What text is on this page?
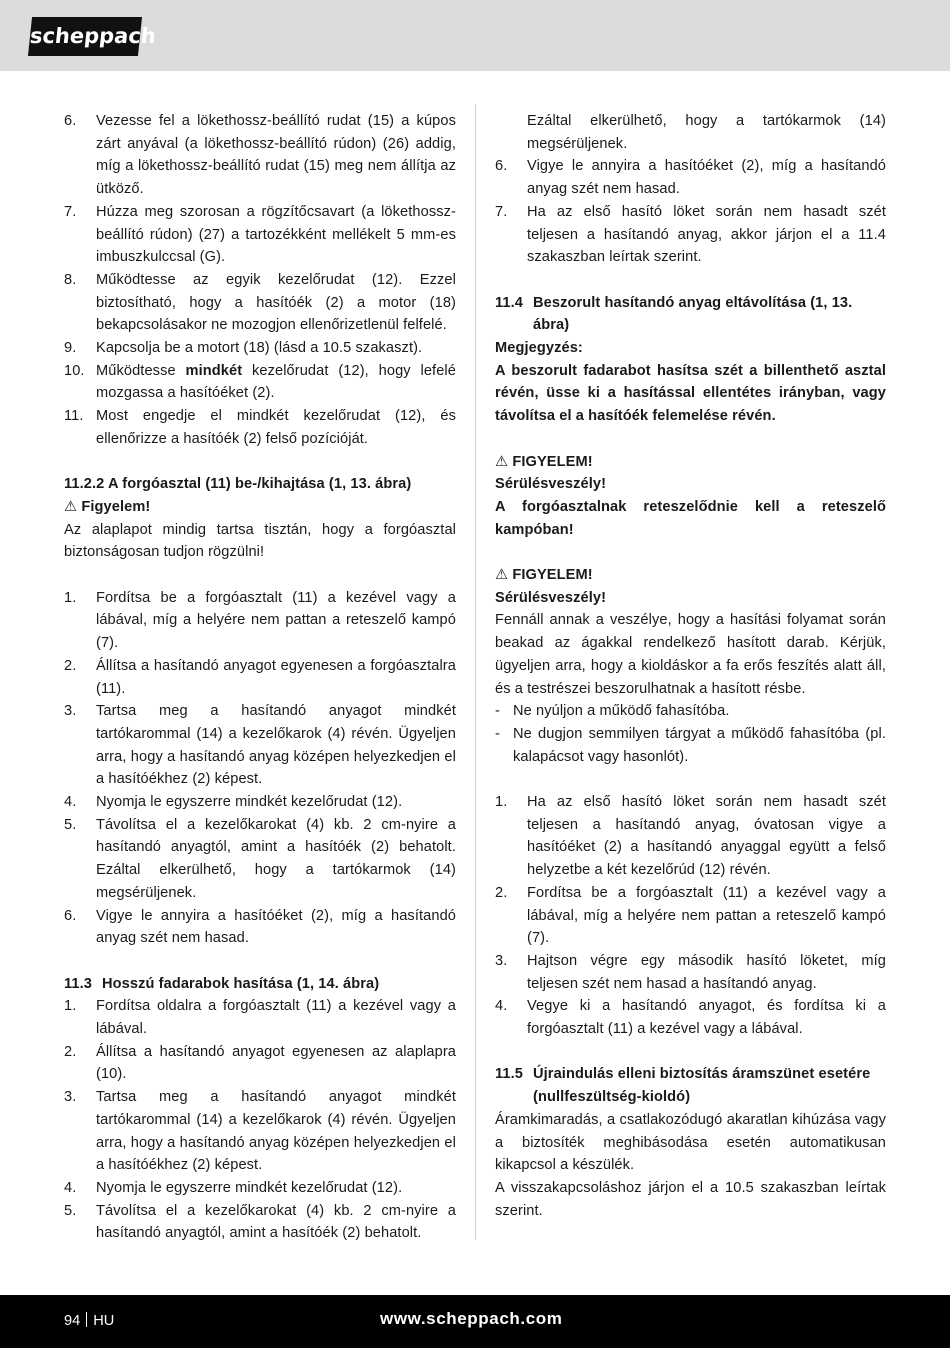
scheppach
6.	Vezesse fel a lökethossz-beállító rudat (15) a kúpos zárt anyával (a lökethossz-beállító rúdon) (26) addig, míg a lökethossz-beállító rudat (15) meg nem állítja az ütköző.
7.	Húzza meg szorosan a rögzítőcsavart (a lökethossz-beállító rúdon) (27) a tartozékként mellékelt 5 mm-es imbuszkulccsal (G).
8.	Működtesse az egyik kezelőrudat (12). Ezzel biztosítható, hogy a hasítóék (2) a motor (18) bekapcsolásakor ne mozogjon ellenőrizetlenül felfelé.
9.	Kapcsolja be a motort (18) (lásd a 10.5 szakaszt).
10. Működtesse mindkét kezelőrudat (12), hogy lefelé mozgassa a hasítóéket (2).
11. Most engedje el mindkét kezelőrudat (12), és ellenőrizze a hasítóék (2) felső pozícióját.
11.2.2 A forgóasztal (11) be-/kihajtása (1, 13. ábra)
⚠ Figyelem!

Az alaplapot mindig tartsa tisztán, hogy a forgóasztal biztonságosan tudjon rögzülni!

1.	Fordítsa be a forgóasztalt (11) a kezével vagy a lábával, míg a helyére nem pattan a reteszelő kampó (7).
2.	Állítsa a hasítandó anyagot egyenesen a forgóasztalra (11).
3.	Tartsa meg a hasítandó anyagot mindkét tartókarommal (14) a kezelőkarok (4) révén. Ügyeljen arra, hogy a hasítandó anyag középen helyezkedjen el a hasítóékhez (2) képest.
4.	Nyomja le egyszerre mindkét kezelőrudat (12).
5.	Távolítsa el a kezelőkarokat (4) kb. 2 cm-nyire a hasítandó anyagtól, amint a hasítóék (2) behatolt. Ezáltal elkerülhető, hogy a tartókarmok (14) megsérüljenek.
6.	Vigye le annyira a hasítóéket (2), míg a hasítandó anyag szét nem hasad.
11.3 Hosszú fadarabok hasítása (1, 14. ábra)
1.	Fordítsa oldalra a forgóasztalt (11) a kezével vagy a lábával.
2.	Állítsa a hasítandó anyagot egyenesen az alaplapra (10).
3.	Tartsa meg a hasítandó anyagot mindkét tartókarommal (14) a kezelőkarok (4) révén. Ügyeljen arra, hogy a hasítandó anyag középen helyezkedjen el a hasítóékhez (2) képest.
4.	Nyomja le egyszerre mindkét kezelőrudat (12).
5.	Távolítsa el a kezelőkarokat (4) kb. 2 cm-nyire a hasítandó anyagtól, amint a hasítóék (2) behatolt.
Ezáltal elkerülhető, hogy a tartókarmok (14) megsérüljenek.
6.	Vigye le annyira a hasítóéket (2), míg a hasítandó anyag szét nem hasad.
7.	Ha az első hasító löket során nem hasadt szét teljesen a hasítandó anyag, akkor járjon el a 11.4 szakaszban leírtak szerint.
11.4 Beszorult hasítandó anyag eltávolítása (1, 13. ábra)
Megjegyzés:

A beszorult fadarabot hasítsa szét a billenthető asztal révén, üsse ki a hasítással ellentétes irányban, vagy távolítsa el a hasítóék felemelése révén.

⚠ FIGYELEM!
Sérülésveszély!

A forgóasztalnak reteszelődnie kell a reteszelő kampóban!

⚠ FIGYELEM!
Sérülésveszély!

Fennáll annak a veszélye, hogy a hasítási folyamat során beakad az ágakkal rendelkező hasított darab. Kérjük, ügyeljen arra, hogy a kioldáskor a fa erős feszítés alatt áll, és a testrészei beszorulhatnak a hasított résbe.

- Ne nyúljon a működő fahasítóba.
- Ne dugjon semmilyen tárgyat a működő fahasítóba (pl. kalapácsot vagy hasonlót).
1.	Ha az első hasító löket során nem hasadt szét teljesen a hasítandó anyag, óvatosan vigye a hasítóéket (2) a hasítandó anyaggal együtt a felső helyzetbe a két kezelőrúd (12) révén.
2.	Fordítsa be a forgóasztalt (11) a kezével vagy a lábával, míg a helyére nem pattan a reteszelő kampó (7).
3.	Hajtson végre egy második hasító löketet, míg teljesen szét nem hasad a hasítandó anyag.
4.	Vegye ki a hasítandó anyagot, és fordítsa ki a forgóasztalt (11) a kezével vagy a lábával.
11.5 Újraindulás elleni biztosítás áramszünet esetére (nullfeszültség-kioldó)

Áramkimaradás, a csatlakozódugó akaratlan kihúzása vagy a biztosíték meghibásodása esetén automatikusan kikapcsol a készülék.

A visszakapcsoláshoz járjon el a 10.5 szakaszban leírtak szerint.

94 HU	www.scheppach.com
